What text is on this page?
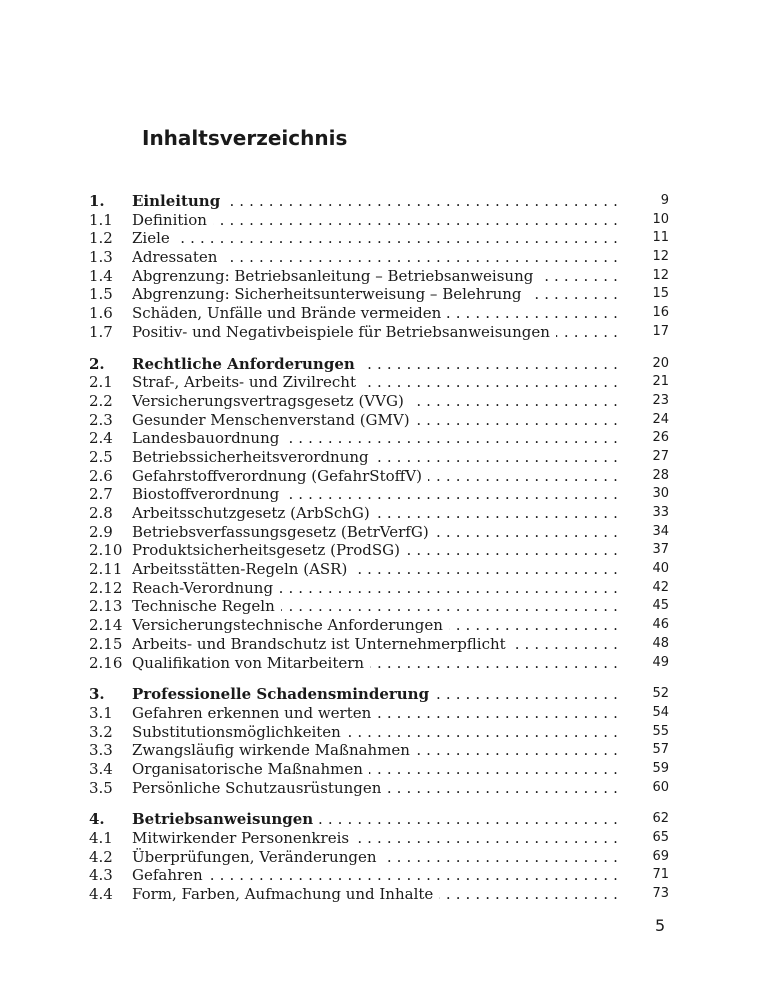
Inhaltsverzeichnis
1. Einleitung . . .	9
1.1 Definition . . .	10
1.2 Ziele . . .	11
1.3 Adressaten . . .	12
1.4 Abgrenzung: Betriebsanleitung – Betriebsanweisung . . .	12
1.5 Abgrenzung: Sicherheitsunterweisung – Belehrung . . .	15
1.6 Schäden, Unfälle und Brände vermeiden . . .	16
1.7 Positiv- und Negativbeispiele für Betriebsanweisungen . . .	17
2. Rechtliche Anforderungen . . .	20
2.1 Straf-, Arbeits- und Zivilrecht . . .	21
2.2 Versicherungsvertragsgesetz (VVG) . . .	23
2.3 Gesunder Menschenverstand (GMV) . . .	24
2.4 Landesbauordnung . . .	26
2.5 Betriebssicherheitsverordnung . . .	27
2.6 Gefahrstoffverordnung (GefahrStoffV) . . .	28
2.7 Biostoffverordnung . . .	30
2.8 Arbeitsschutzgesetz (ArbSchG) . . .	33
2.9 Betriebsverfassungsgesetz (BetrVerfG) . . .	34
2.10 Produktsicherheitsgesetz (ProdSG) . . .	37
2.11 Arbeitsstätten-Regeln (ASR) . . .	40
2.12 Reach-Verordnung . . .	42
2.13 Technische Regeln . . .	45
2.14 Versicherungstechnische Anforderungen . . .	46
2.15 Arbeits- und Brandschutz ist Unternehmerpflicht . . .	48
2.16 Qualifikation von Mitarbeitern . . .	49
3. Professionelle Schadensminderung . . .	52
3.1 Gefahren erkennen und werten . . .	54
3.2 Substitutionsmöglichkeiten . . .	55
3.3 Zwangsläufig wirkende Maßnahmen . . .	57
3.4 Organisatorische Maßnahmen . . .	59
3.5 Persönliche Schutzausrüstungen . . .	60
4. Betriebsanweisungen . . .	62
4.1 Mitwirkender Personenkreis . . .	65
4.2 Überprüfungen, Veränderungen . . .	69
4.3 Gefahren . . .	71
4.4 Form, Farben, Aufmachung und Inhalte . . .	73
5
